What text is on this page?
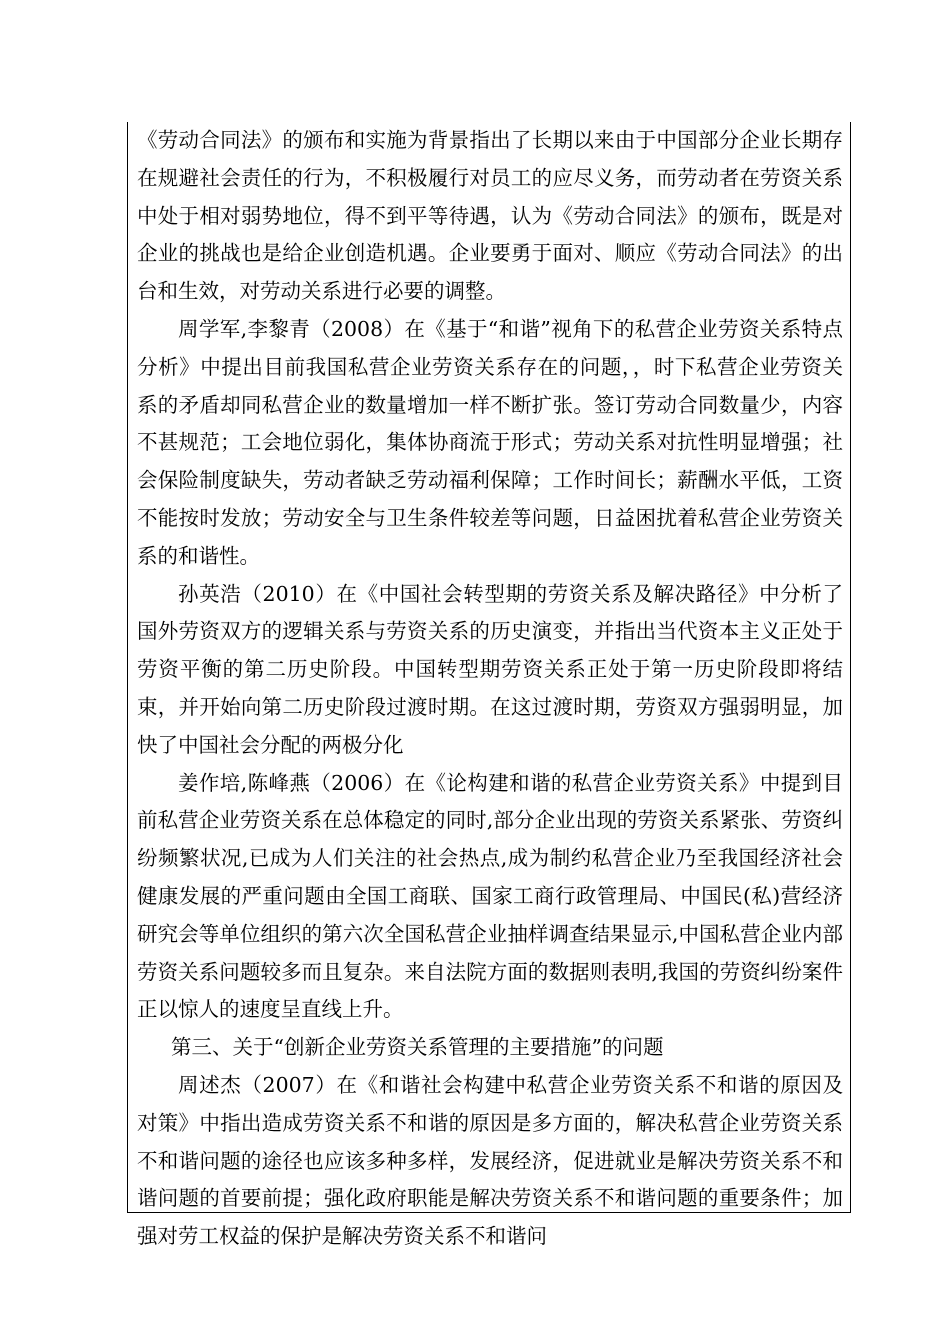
《劳动合同法》的颁布和实施为背景指出了长期以来由于中国部分企业长期存在规避社会责任的行为，不积极履行对员工的应尽义务，而劳动者在劳资关系中处于相对弱势地位，得不到平等待遇，认为《劳动合同法》的颁布，既是对企业的挑战也是给企业创造机遇。企业要勇于面对、顺应《劳动合同法》的出台和生效，对劳动关系进行必要的调整。

周学军,李黎青（2008）在《基于“和谐”视角下的私营企业劳资关系特点分析》中提出目前我国私营企业劳资关系存在的问题，，时下私营企业劳资关系的矛盾却同私营企业的数量增加一样不断扩张。签订劳动合同数量少，内容不甚规范；工会地位弱化，集体协商流于形式；劳动关系对抗性明显增强；社会保险制度缺失，劳动者缺乏劳动福利保障；工作时间长；薪酬水平低，工资不能按时发放；劳动安全与卫生条件较差等问题，日益困扰着私营企业劳资关系的和谐性。

孙英浩（2010）在《中国社会转型期的劳资关系及解决路径》中分析了国外劳资双方的逻辑关系与劳资关系的历史演变，并指出当代资本主义正处于劳资平衡的第二历史阶段。中国转型期劳资关系正处于第一历史阶段即将结束，并开始向第二历史阶段过渡时期。在这过渡时期，劳资双方强弱明显，加快了中国社会分配的两极分化

姜作培,陈峰燕（2006）在《论构建和谐的私营企业劳资关系》中提到目前私营企业劳资关系在总体稳定的同时,部分企业出现的劳资关系紧张、劳资纠纷频繁状况,已成为人们关注的社会热点,成为制约私营企业乃至我国经济社会健康发展的严重问题由全国工商联、国家工商行政管理局、中国民(私)营经济研究会等单位组织的第六次全国私营企业抽样调查结果显示,中国私营企业内部劳资关系问题较多而且复杂。来自法院方面的数据则表明,我国的劳资纠纷案件正以惊人的速度呈直线上升。

第三、关于“创新企业劳资关系管理的主要措施”的问题

周述杰（2007）在《和谐社会构建中私营企业劳资关系不和谐的原因及对策》中指出造成劳资关系不和谐的原因是多方面的，解决私营企业劳资关系不和谐问题的途径也应该多种多样，发展经济，促进就业是解决劳资关系不和谐问题的首要前提；强化政府职能是解决劳资关系不和谐问题的重要条件；加强对劳工权益的保护是解决劳资关系不和谐问
